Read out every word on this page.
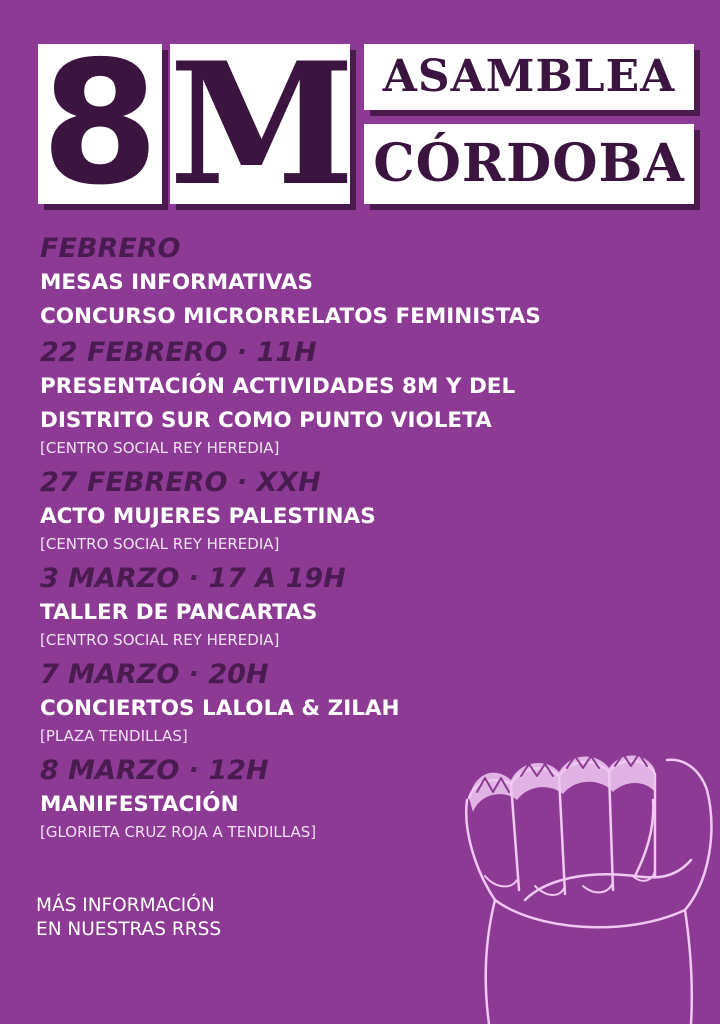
8 M ASAMBLEA
CÓRDOBA
FEBRERO
MESAS INFORMATIVAS
CONCURSO MICRORRELATOS FEMINISTAS
22 FEBRERO · 11H
PRESENTACIÓN ACTIVIDADES 8M Y DEL
DISTRITO SUR COMO PUNTO VIOLETA
[CENTRO SOCIAL REY HEREDIA]
27 FEBRERO · XXH
ACTO MUJERES PALESTINAS
[CENTRO SOCIAL REY HEREDIA]
3 MARZO · 17 A 19H
TALLER DE PANCARTAS
[CENTRO SOCIAL REY HEREDIA]
7 MARZO · 20H
CONCIERTOS LALOLA & ZILAH
[PLAZA TENDILLAS]
8 MARZO · 12H
MANIFESTACIÓN
[GLORIETA CRUZ ROJA A TENDILLAS]
MÁS INFORMACIÓN
EN NUESTRAS RRSS
